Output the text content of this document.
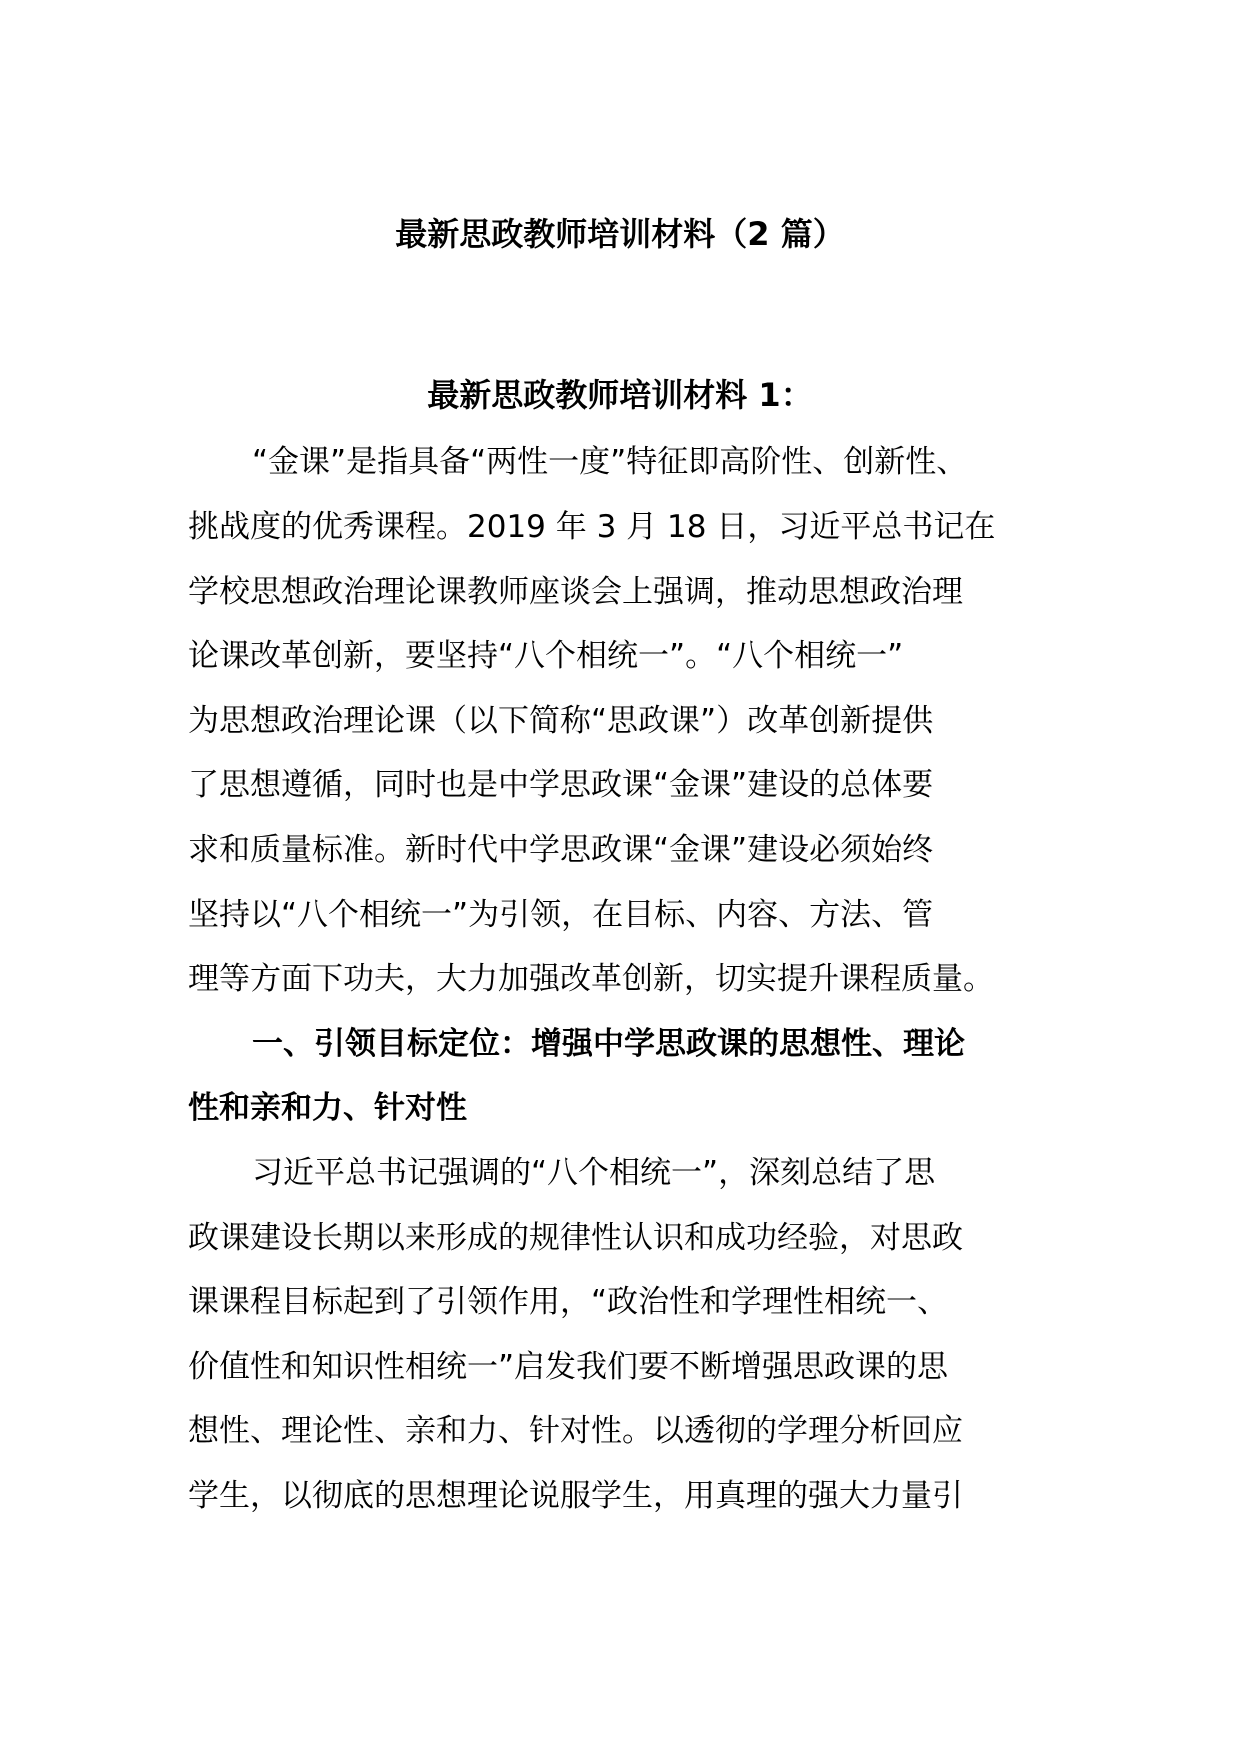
最新思政教师培训材料（2 篇）
最新思政教师培训材料 1：

“金课”是指具备“两性一度”特征即高阶性、创新性、

挑战度的优秀课程。2019 年 3 月 18 日，习近平总书记在

学校思想政治理论课教师座谈会上强调，推动思想政治理

论课改革创新，要坚持“八个相统一”。“八个相统一”

为思想政治理论课（以下简称“思政课”）改革创新提供

了思想遵循，同时也是中学思政课“金课”建设的总体要

求和质量标准。新时代中学思政课“金课”建设必须始终

坚持以“八个相统一”为引领，在目标、内容、方法、管

理等方面下功夫，大力加强改革创新，切实提升课程质量。

一、引领目标定位：增强中学思政课的思想性、理论

性和亲和力、针对性

习近平总书记强调的“八个相统一”，深刻总结了思

政课建设长期以来形成的规律性认识和成功经验，对思政

课课程目标起到了引领作用，“政治性和学理性相统一、

价值性和知识性相统一”启发我们要不断增强思政课的思

想性、理论性、亲和力、针对性。以透彻的学理分析回应

学生，以彻底的思想理论说服学生，用真理的强大力量引
